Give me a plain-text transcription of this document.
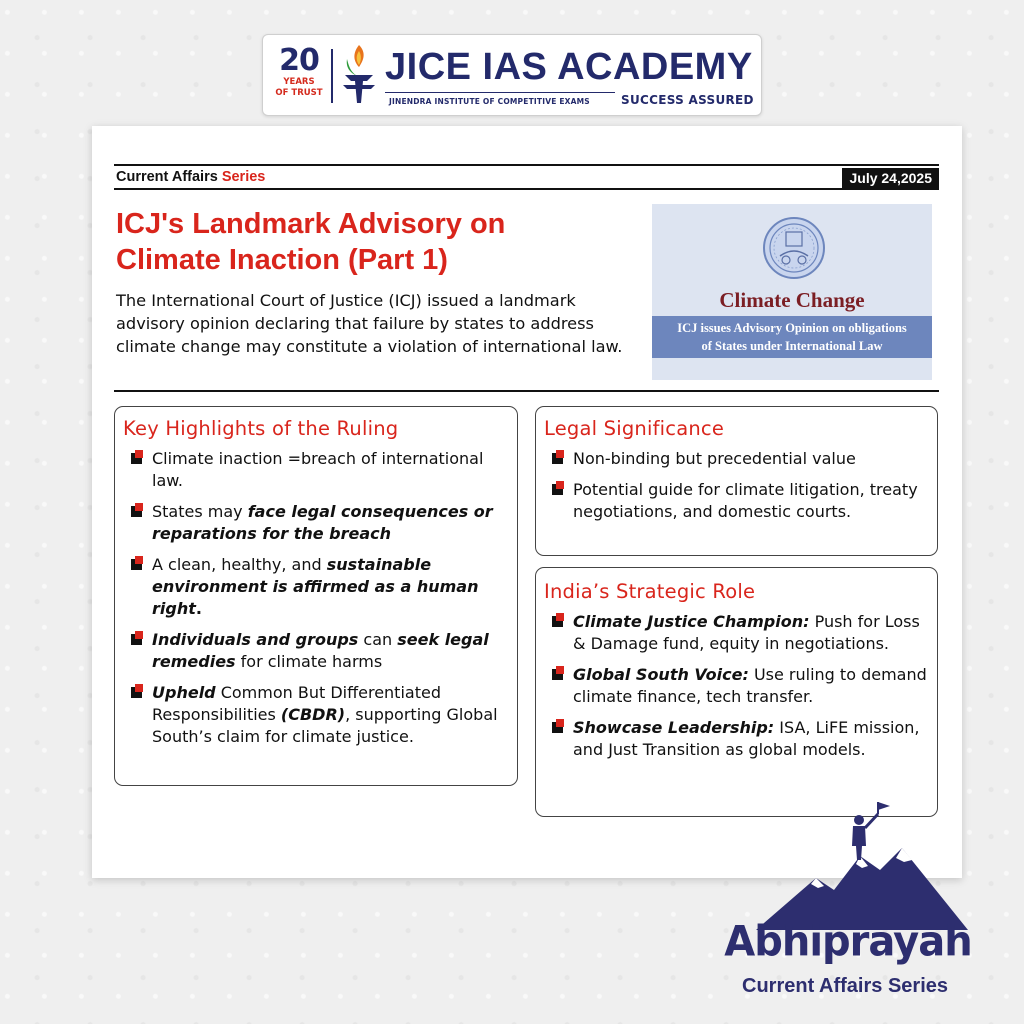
20
YEARS
OF TRUST
JICE IAS ACADEMY
JINENDRA INSTITUTE OF COMPETITIVE EXAMS	SUCCESS ASSURED
Current Affairs Series	July 24,2025
ICJ's Landmark Advisory on Climate Inaction (Part 1)

The International Court of Justice (ICJ) issued a landmark advisory opinion declaring that failure by states to address climate change may constitute a violation of international law.

Climate Change
ICJ issues Advisory Opinion on obligations
of States under International Law
Key Highlights of the Ruling
Climate inaction =breach of international law.
States may face legal consequences or reparations for the breach
A clean, healthy, and sustainable environment is affirmed as a human right.
Individuals and groups can seek legal remedies for climate harms
Upheld Common But Differentiated Responsibilities (CBDR), supporting Global South’s claim for climate justice.
Legal Significance
Non-binding but precedential value
Potential guide for climate litigation, treaty negotiations, and domestic courts.
India’s Strategic Role
Climate Justice Champion: Push for Loss & Damage fund, equity in negotiations.
Global South Voice: Use ruling to demand climate finance, tech transfer.
Showcase Leadership: ISA, LiFE mission, and Just Transition as global models.
Abhiprayah
Current Affairs Series
